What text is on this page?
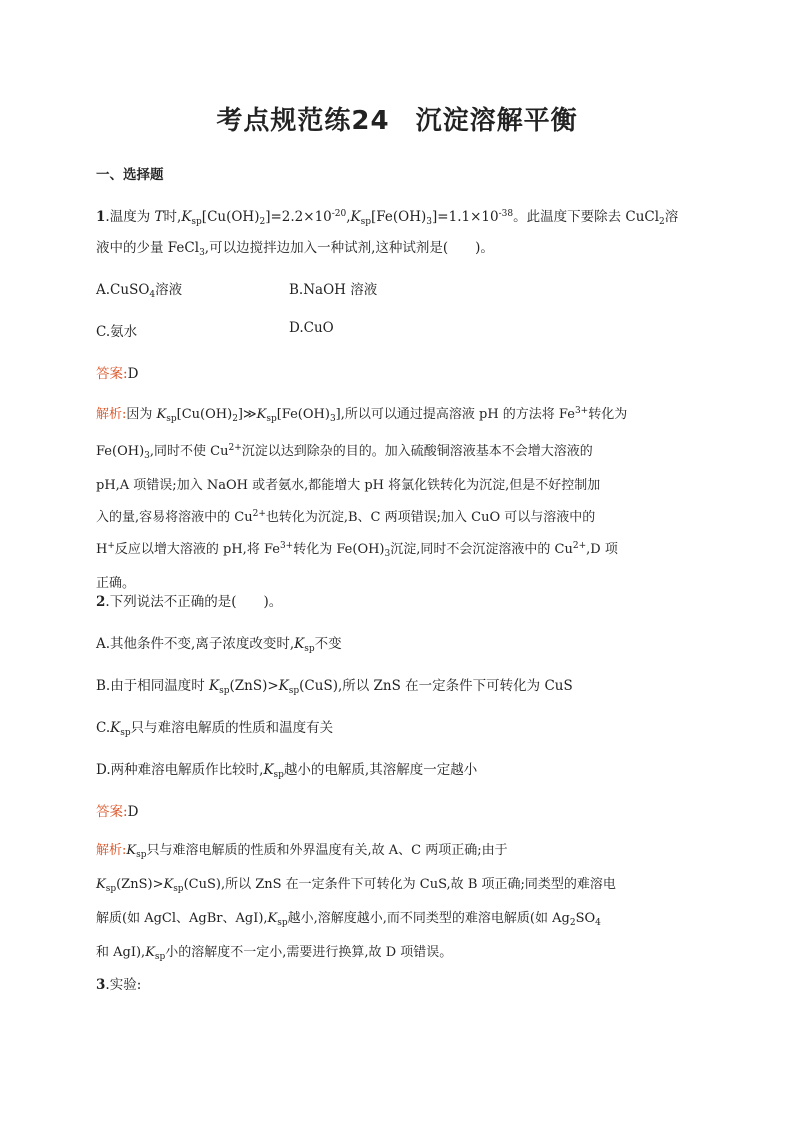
考点规范练24 沉淀溶解平衡
一、选择题
1.温度为 T时$,K_{sp}[Cu(OH)_2]=2.2\times 10^{-20},K_{sp}[Fe(OH)_3]=1.1\times 10^{-38}$。此温度下要除去 CuCl$_2$溶
液中的少量 FeCl$_3$,可以边搅拌边加入一种试剂,这种试剂是(　　)。
A.CuSO$_4$溶液	B.NaOH 溶液
C.氨水	D.CuO
答案:D
解析:因为 $K_{sp}[Cu(OH)_2]≫K_{sp}[Fe(OH)_3]$,所以可以通过提高溶液 pH 的方法将 $Fe^{3+}$转化为
$Fe(OH)_3$,同时不使 $Cu^{2+}$沉淀以达到除杂的目的。加入硫酸铜溶液基本不会增大溶液的
pH,A 项错误;加入 NaOH 或者氨水,都能增大 pH 将氯化铁转化为沉淀,但是不好控制加
入的量,容易将溶液中的 $Cu^{2+}$也转化为沉淀,B、C 两项错误;加入 CuO 可以与溶液中的
H+反应以增大溶液的 pH,将 $Fe^{3+}$转化为 $Fe(OH)_3$沉淀,同时不会沉淀溶液中的 $Cu^{2+},D$ 项
正确。
2.下列说法不正确的是(　　)。
A.其他条件不变,离子浓度改变时$,K_{sp}$不变
B.由于相同温度时 $K_{sp}(ZnS)>K_{sp}(CuS)$,所以 ZnS 在一定条件下可转化为 CuS
$C.K_{sp}$只与难溶电解质的性质和温度有关
D.两种难溶电解质作比较时$,K_{sp}$越小的电解质,其溶解度一定越小
答案:D
解析$:K_{sp}$只与难溶电解质的性质和外界温度有关,故 A、C 两项正确;由于
$K_{sp}(ZnS)>K_{sp}(CuS)$,所以 ZnS 在一定条件下可转化为 CuS,故 B 项正确;同类型的难溶电
解质(如 AgCl、AgBr、$AgI),K_{sp}$越小,溶解度越小,而不同类型的难溶电解质(如 $Ag_2SO_4$
和 $AgI),K_{sp}$小的溶解度不一定小,需要进行换算,故 D 项错误。
3.实验:
